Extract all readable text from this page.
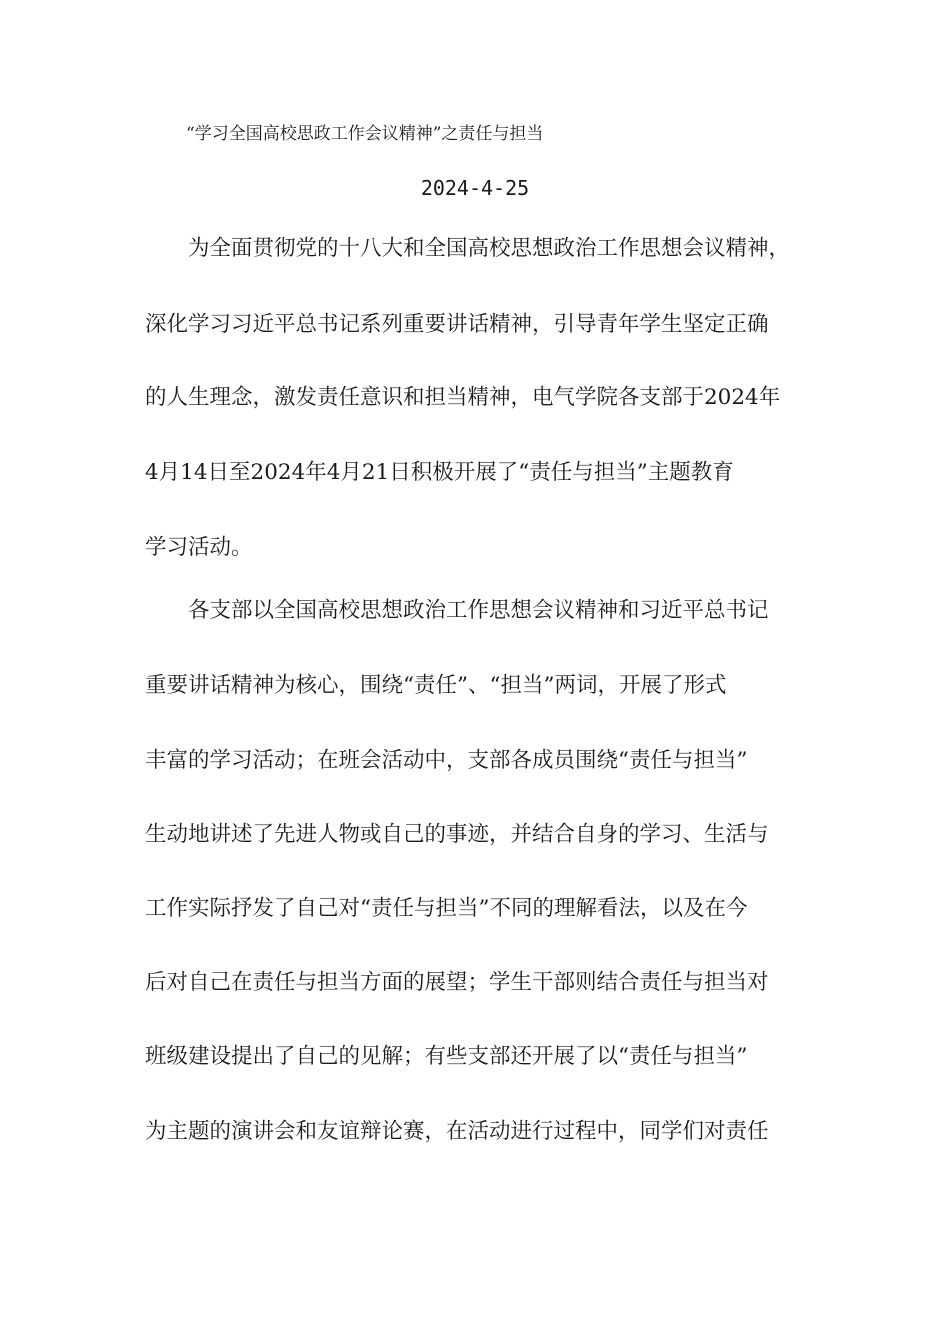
“学习全国高校思政工作会议精神”之责任与担当
2024-4-25

为全面贯彻党的十八大和全国高校思想政治工作思想会议精神，

深化学习习近平总书记系列重要讲话精神，引导青年学生坚定正确

的人生理念，激发责任意识和担当精神，电气学院各支部于2024年

4月14日至2024年4月21日积极开展了“责任与担当”主题教育

学习活动。

各支部以全国高校思想政治工作思想会议精神和习近平总书记

重要讲话精神为核心，围绕“责任”、“担当”两词，开展了形式

丰富的学习活动；在班会活动中，支部各成员围绕“责任与担当”

生动地讲述了先进人物或自己的事迹，并结合自身的学习、生活与

工作实际抒发了自己对“责任与担当”不同的理解看法，以及在今

后对自己在责任与担当方面的展望；学生干部则结合责任与担当对

班级建设提出了自己的见解；有些支部还开展了以“责任与担当”

为主题的演讲会和友谊辩论赛，在活动进行过程中，同学们对责任
